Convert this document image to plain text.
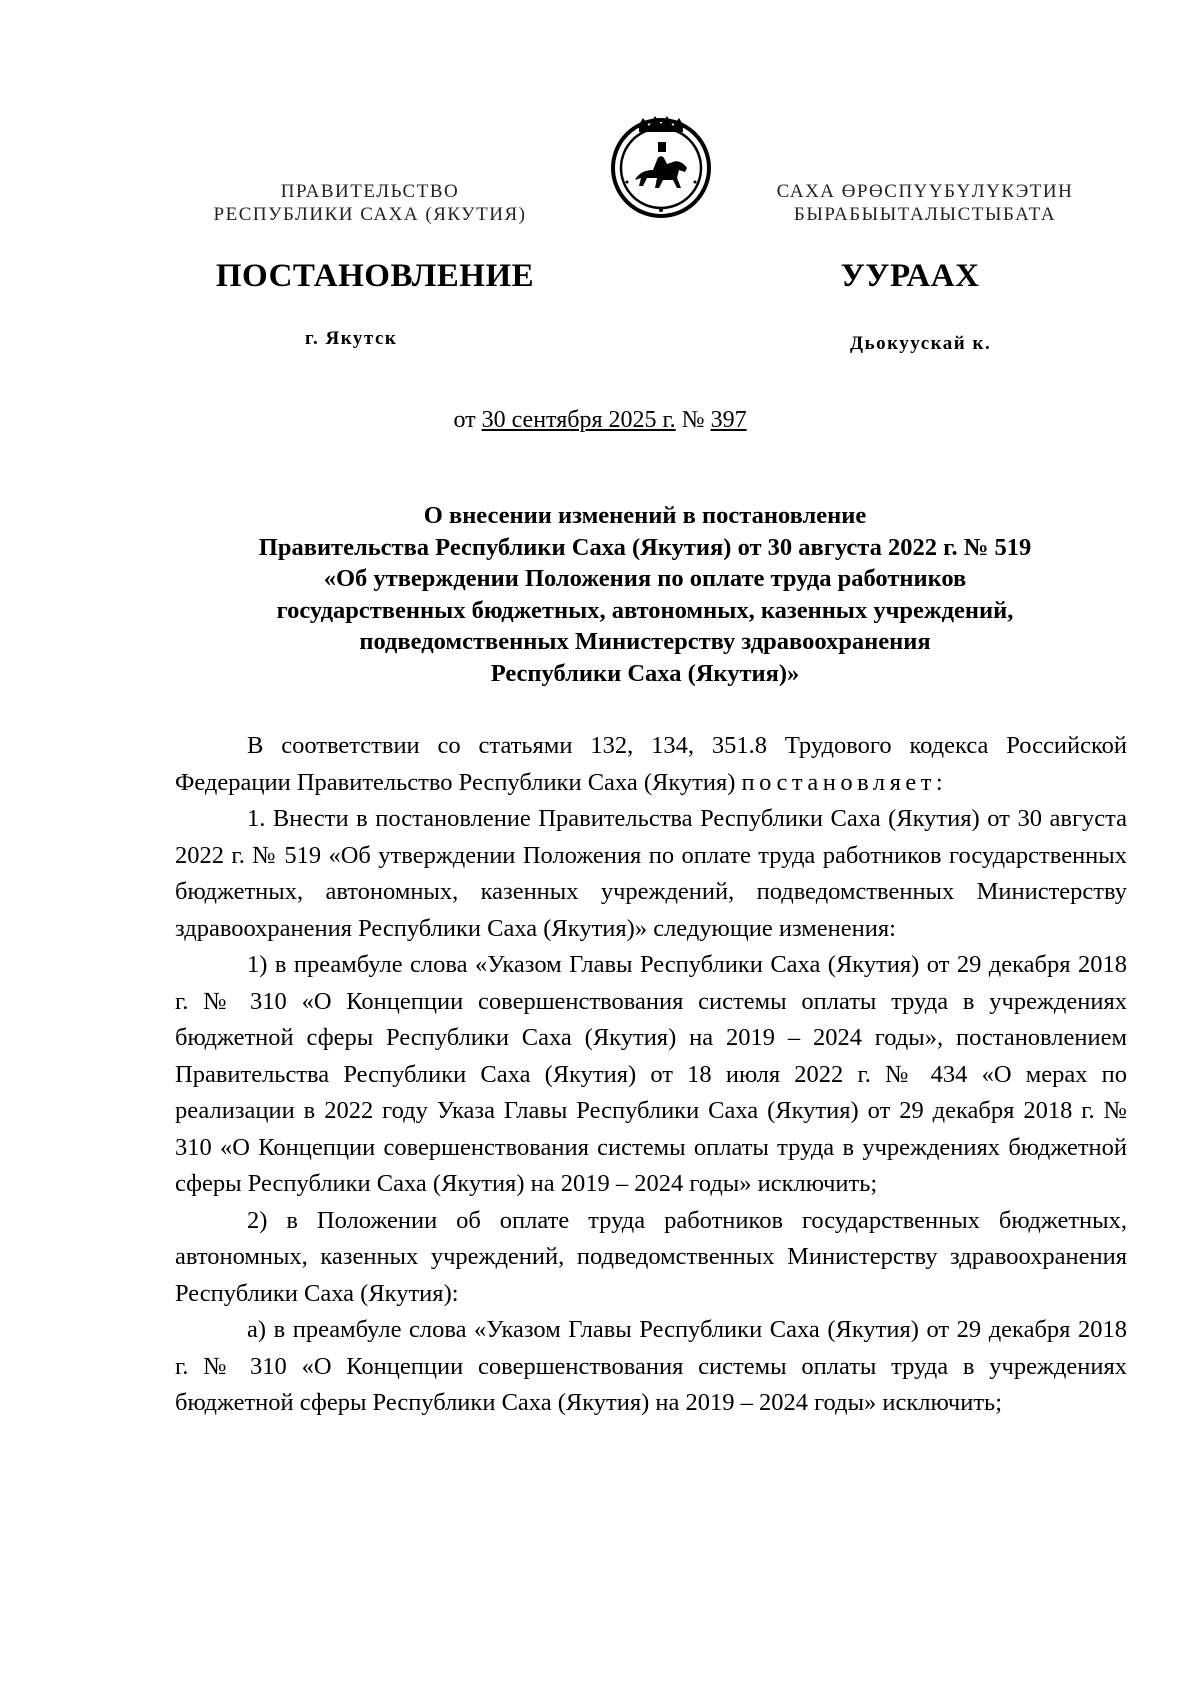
ПРАВИТЕЛЬСТВО
РЕСПУБЛИКИ САХА (ЯКУТИЯ)
САХА ӨРӨСПҮҮБҮЛҮКЭТИН
БЫРАБЫЫТАЛЫСТЫБАТА
ПОСТАНОВЛЕНИЕ	УУРААХ
г. Якутск	Дьокуускай к.
от 30 сентября 2025 г. № 397
О внесении изменений в постановление
Правительства Республики Саха (Якутия) от 30 августа 2022 г. № 519
«Об утверждении Положения по оплате труда работников
государственных бюджетных, автономных, казенных учреждений,
подведомственных Министерству здравоохранения
Республики Саха (Якутия)»

В соответствии со статьями 132, 134, 351.8 Трудового кодекса Российской Федерации Правительство Республики Саха (Якутия) постановляет:

1. Внести в постановление Правительства Республики Саха (Якутия) от 30 августа 2022 г. № 519 «Об утверждении Положения по оплате труда работников государственных бюджетных, автономных, казенных учреждений, подведомственных Министерству здравоохранения Республики Саха (Якутия)» следующие изменения:

1) в преамбуле слова «Указом Главы Республики Саха (Якутия) от 29 декабря 2018 г. № 310 «О Концепции совершенствования системы оплаты труда в учреждениях бюджетной сферы Республики Саха (Якутия) на 2019 – 2024 годы», постановлением Правительства Республики Саха (Якутия) от 18 июля 2022 г. № 434 «О мерах по реализации в 2022 году Указа Главы Республики Саха (Якутия) от 29 декабря 2018 г. № 310 «О Концепции совершенствования системы оплаты труда в учреждениях бюджетной сферы Республики Саха (Якутия) на 2019 – 2024 годы» исключить;

2) в Положении об оплате труда работников государственных бюджетных, автономных, казенных учреждений, подведомственных Министерству здравоохранения Республики Саха (Якутия):

а) в преамбуле слова «Указом Главы Республики Саха (Якутия) от 29 декабря 2018 г. № 310 «О Концепции совершенствования системы оплаты труда в учреждениях бюджетной сферы Республики Саха (Якутия) на 2019 – 2024 годы» исключить;
